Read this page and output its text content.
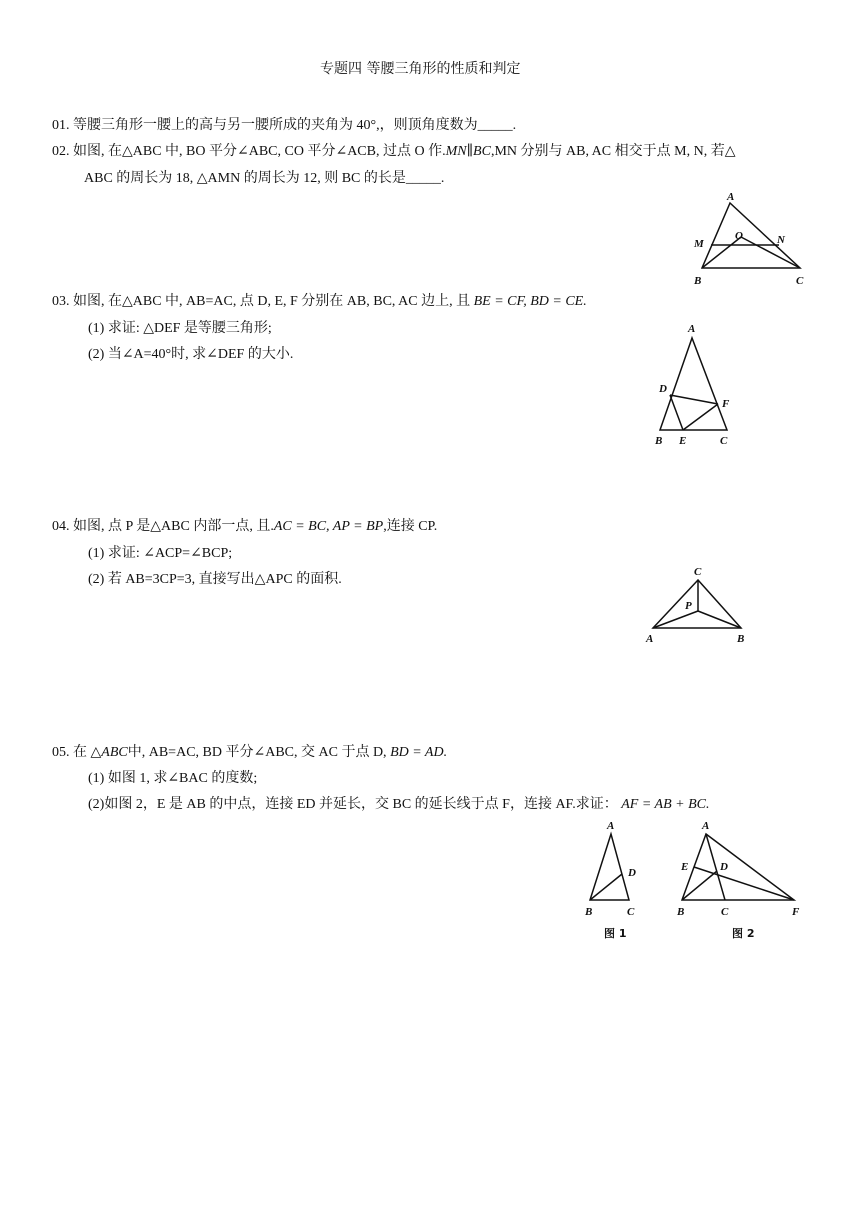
专题四 等腰三角形的性质和判定
01. 等腰三角形一腰上的高与另一腰所成的夹角为 40°,，则顶角度数为_____.
02. 如图, 在△ABC 中, BO 平分∠ABC, CO 平分∠ACB, 过点 O 作.MN∥BC,MN 分别与 AB, AC 相交于点 M, N, 若△
ABC 的周长为 18, △AMN 的周长为 12, 则 BC 的长是_____.
A
M
O	N
B	C
03. 如图, 在△ABC 中, AB=AC, 点 D, E, F 分别在 AB, BC, AC 边上, 且 BE = CF, BD = CE.
(1) 求证: △DEF 是等腰三角形;
(2) 当∠A=40°时, 求∠DEF 的大小.
A
D
F
B E	C
04. 如图, 点 P 是△ABC 内部一点, 且.AC = BC, AP = BP,连接 CP.
(1) 求证: ∠ACP=∠BCP;
(2) 若 AB=3CP=3, 直接写出△APC 的面积.	C
P
A	B
05. 在 △ABC中, AB=AC, BD 平分∠ABC, 交 AC 于点 D, BD = AD.
(1) 如图 1, 求∠BAC 的度数;
(2)如图 2，E 是 AB 的中点，连接 ED 并延长，交 BC 的延长线于点 F，连接 AF.求证： AF = AB + BC.
A
D
B	C
图 1
A
E	D
B	C	F
图 2
